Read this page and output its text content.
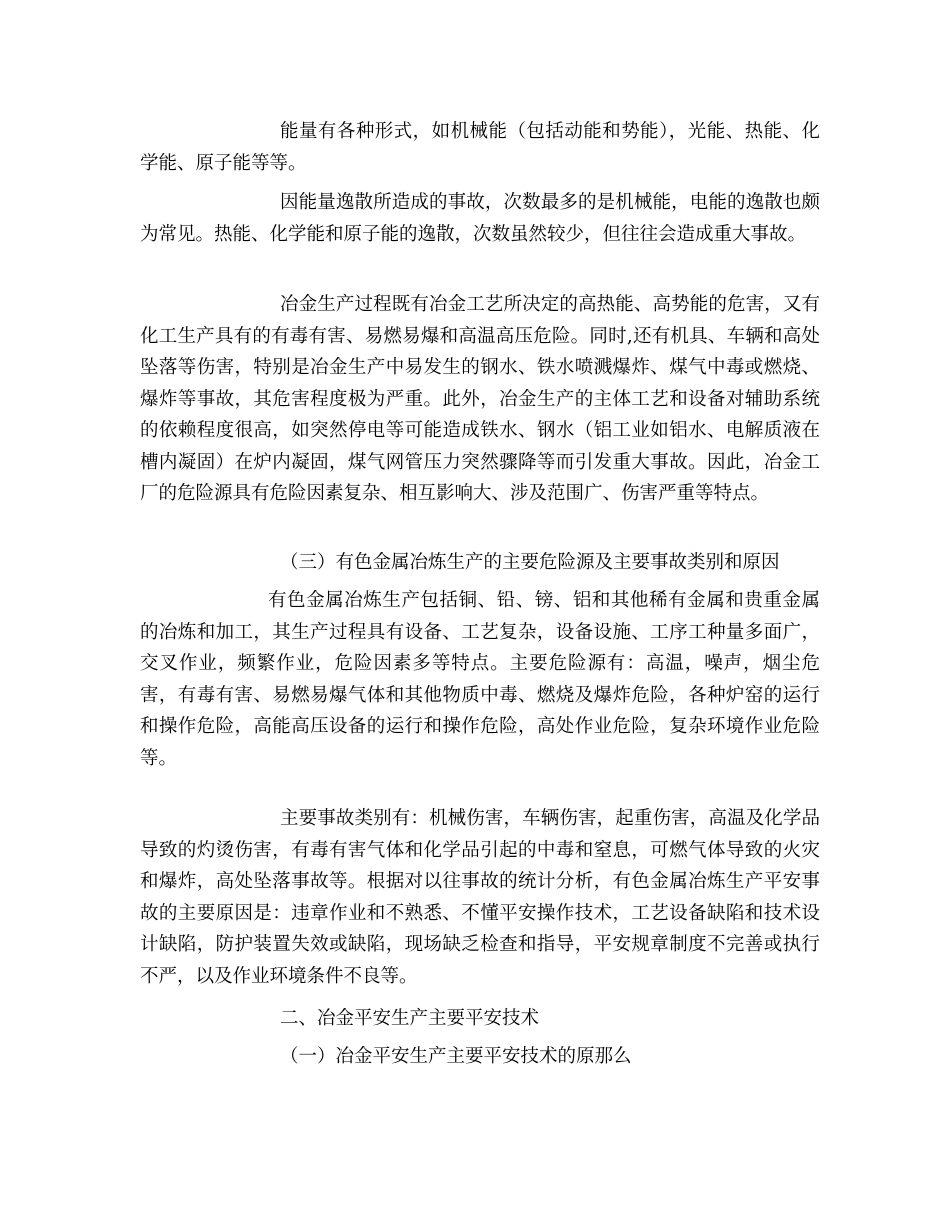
能量有各种形式，如机械能（包括动能和势能），光能、热能、化学能、原子能等等。

因能量逸散所造成的事故，次数最多的是机械能，电能的逸散也颇为常见。热能、化学能和原子能的逸散，次数虽然较少，但往往会造成重大事故。

冶金生产过程既有冶金工艺所决定的高热能、高势能的危害，又有化工生产具有的有毒有害、易燃易爆和高温高压危险。同时,还有机具、车辆和高处坠落等伤害，特别是冶金生产中易发生的钢水、铁水喷溅爆炸、煤气中毒或燃烧、爆炸等事故，其危害程度极为严重。此外，冶金生产的主体工艺和设备对辅助系统的依赖程度很高，如突然停电等可能造成铁水、钢水（铝工业如铝水、电解质液在槽内凝固）在炉内凝固，煤气网管压力突然骤降等而引发重大事故。因此，冶金工厂的危险源具有危险因素复杂、相互影响大、涉及范围广、伤害严重等特点。

（三）有色金属冶炼生产的主要危险源及主要事故类别和原因

有色金属冶炼生产包括铜、铅、镑、铝和其他稀有金属和贵重金属的冶炼和加工，其生产过程具有设备、工艺复杂，设备设施、工序工种量多面广，交叉作业，频繁作业，危险因素多等特点。主要危险源有：高温，噪声，烟尘危害，有毒有害、易燃易爆气体和其他物质中毒、燃烧及爆炸危险，各种炉窑的运行和操作危险，高能高压设备的运行和操作危险，高处作业危险，复杂环境作业危险等。

主要事故类别有：机械伤害，车辆伤害，起重伤害，高温及化学品导致的灼烫伤害，有毒有害气体和化学品引起的中毒和窒息，可燃气体导致的火灾和爆炸，高处坠落事故等。根据对以往事故的统计分析，有色金属冶炼生产平安事故的主要原因是：违章作业和不熟悉、不懂平安操作技术，工艺设备缺陷和技术设计缺陷，防护装置失效或缺陷，现场缺乏检查和指导，平安规章制度不完善或执行不严，以及作业环境条件不良等。

二、冶金平安生产主要平安技术

（一）冶金平安生产主要平安技术的原那么
